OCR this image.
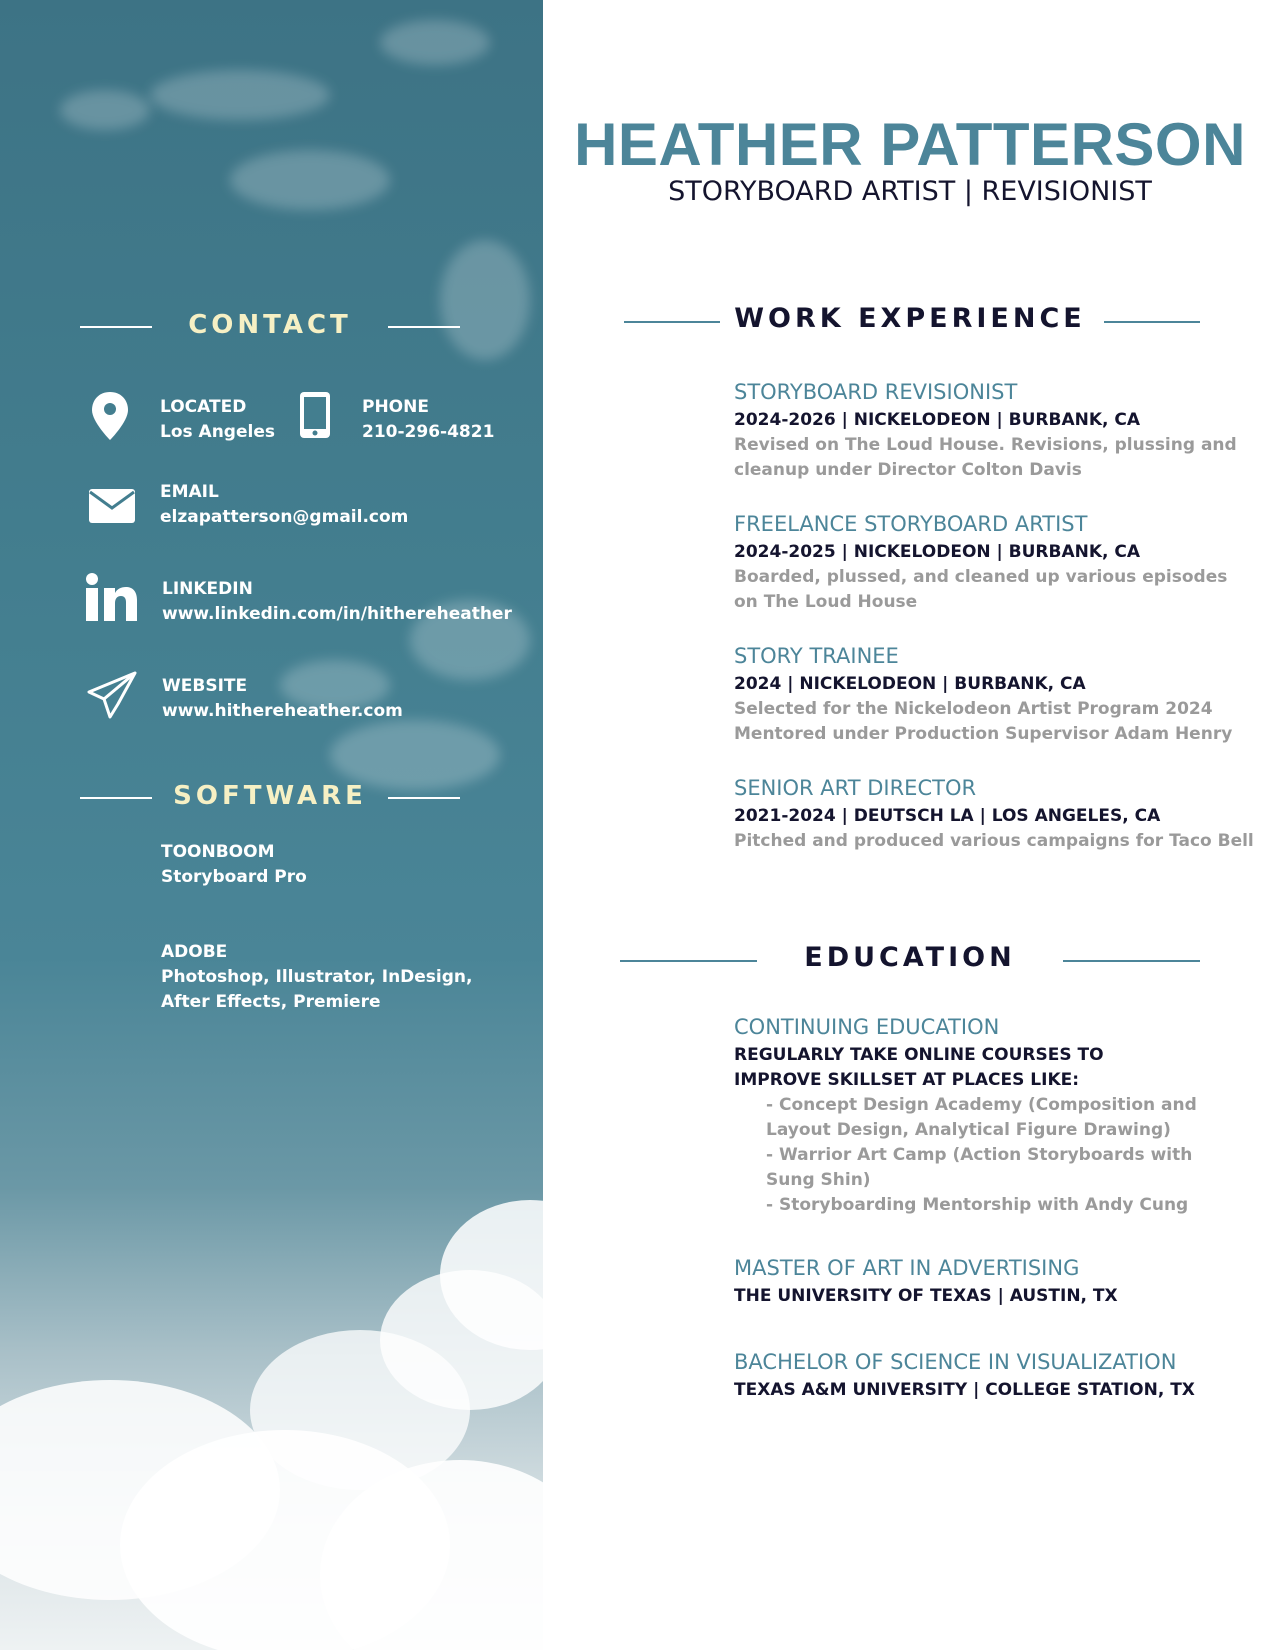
CONTACT
LOCATED
Los Angeles
PHONE
210-296-4821
EMAIL
elzapatterson@gmail.com
LINKEDIN
www.linkedin.com/in/hithereheather
WEBSITE
www.hithereheather.com
SOFTWARE
TOONBOOM
Storyboard Pro
ADOBE
Photoshop, Illustrator, InDesign,
After Effects, Premiere
HEATHER PATTERSON
STORYBOARD ARTIST | REVISIONIST
WORK EXPERIENCE
STORYBOARD REVISIONIST
2024-2026 | NICKELODEON | BURBANK, CA
Revised on The Loud House. Revisions, plussing and
cleanup under Director Colton Davis
FREELANCE STORYBOARD ARTIST
2024-2025 | NICKELODEON | BURBANK, CA
Boarded, plussed, and cleaned up various episodes
on The Loud House
STORY TRAINEE
2024 | NICKELODEON | BURBANK, CA
Selected for the Nickelodeon Artist Program 2024
Mentored under Production Supervisor Adam Henry
SENIOR ART DIRECTOR
2021-2024 | DEUTSCH LA | LOS ANGELES, CA
Pitched and produced various campaigns for Taco Bell
EDUCATION
CONTINUING EDUCATION
REGULARLY TAKE ONLINE COURSES TO
IMPROVE SKILLSET AT PLACES LIKE:
- Concept Design Academy (Composition and
Layout Design, Analytical Figure Drawing)
- Warrior Art Camp (Action Storyboards with
Sung Shin)
- Storyboarding Mentorship with Andy Cung
MASTER OF ART IN ADVERTISING
THE UNIVERSITY OF TEXAS | AUSTIN, TX
BACHELOR OF SCIENCE IN VISUALIZATION
TEXAS A&M UNIVERSITY | COLLEGE STATION, TX
